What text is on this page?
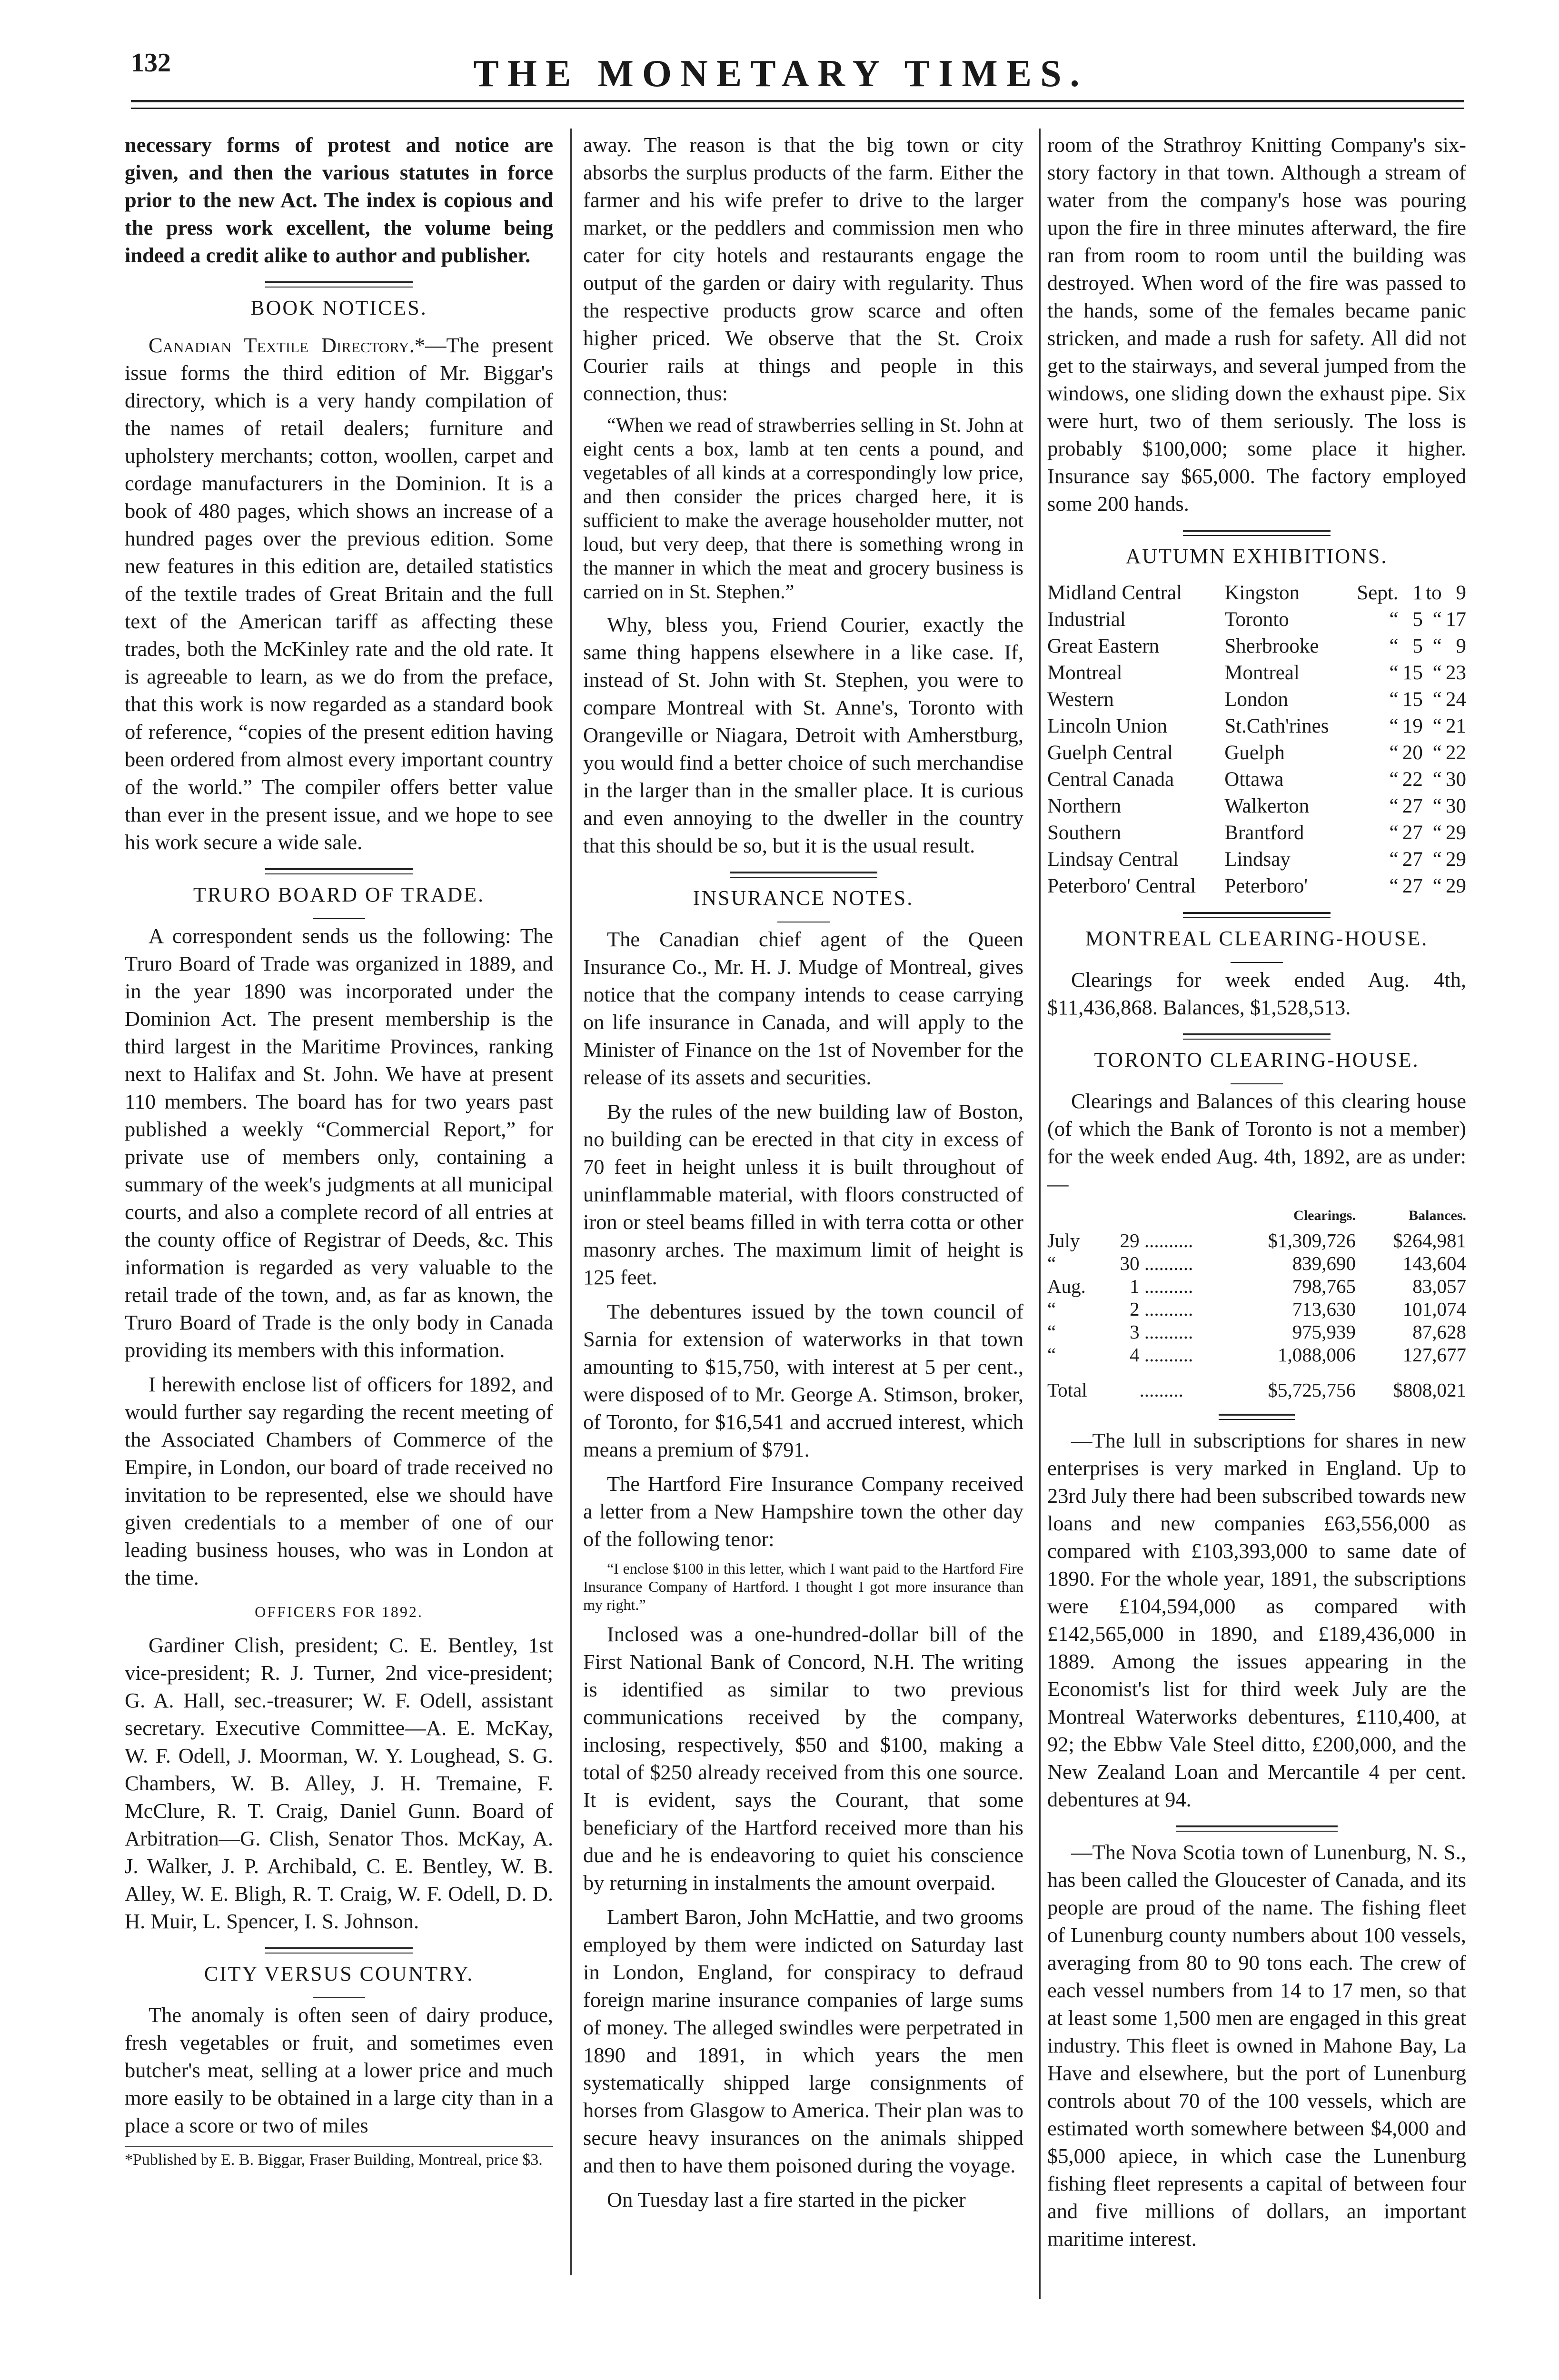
132	THE MONETARY TIMES.

necessary forms of protest and notice are given, and then the various statutes in force prior to the new Act. The index is copious and the press work excellent, the volume being indeed a credit alike to author and publisher.

BOOK NOTICES.

Canadian Textile Directory.*—The present issue forms the third edition of Mr. Biggar's directory, which is a very handy compilation of the names of retail dealers; furniture and upholstery merchants; cotton, woollen, carpet and cordage manufacturers in the Dominion. It is a book of 480 pages, which shows an increase of a hundred pages over the previous edition. Some new features in this edition are, detailed statistics of the textile trades of Great Britain and the full text of the American tariff as affecting these trades, both the McKinley rate and the old rate. It is agreeable to learn, as we do from the preface, that this work is now regarded as a standard book of reference, “copies of the present edition having been ordered from almost every important country of the world.” The compiler offers better value than ever in the present issue, and we hope to see his work secure a wide sale.

TRURO BOARD OF TRADE.

A correspondent sends us the following: The Truro Board of Trade was organized in 1889, and in the year 1890 was incorporated under the Dominion Act. The present membership is the third largest in the Maritime Provinces, ranking next to Halifax and St. John. We have at present 110 members. The board has for two years past published a weekly “Commercial Report,” for private use of members only, containing a summary of the week's judgments at all municipal courts, and also a complete record of all entries at the county office of Registrar of Deeds, &c. This information is regarded as very valuable to the retail trade of the town, and, as far as known, the Truro Board of Trade is the only body in Canada providing its members with this information.

I herewith enclose list of officers for 1892, and would further say regarding the recent meeting of the Associated Chambers of Commerce of the Empire, in London, our board of trade received no invitation to be represented, else we should have given credentials to a member of one of our leading business houses, who was in London at the time.

OFFICERS FOR 1892.

Gardiner Clish, president; C. E. Bentley, 1st vice-president; R. J. Turner, 2nd vice-president; G. A. Hall, sec.-treasurer; W. F. Odell, assistant secretary. Executive Committee—A. E. McKay, W. F. Odell, J. Moorman, W. Y. Loughead, S. G. Chambers, W. B. Alley, J. H. Tremaine, F. McClure, R. T. Craig, Daniel Gunn. Board of Arbitration—G. Clish, Senator Thos. McKay, A. J. Walker, J. P. Archibald, C. E. Bentley, W. B. Alley, W. E. Bligh, R. T. Craig, W. F. Odell, D. D. H. Muir, L. Spencer, I. S. Johnson.

CITY VERSUS COUNTRY.

The anomaly is often seen of dairy produce, fresh vegetables or fruit, and sometimes even butcher's meat, selling at a lower price and much more easily to be obtained in a large city than in a place a score or two of miles

*Published by E. B. Biggar, Fraser Building, Montreal, price $3.

away. The reason is that the big town or city absorbs the surplus products of the farm. Either the farmer and his wife prefer to drive to the larger market, or the peddlers and commission men who cater for city hotels and restaurants engage the output of the garden or dairy with regularity. Thus the respective products grow scarce and often higher priced. We observe that the St. Croix Courier rails at things and people in this connection, thus:

“When we read of strawberries selling in St. John at eight cents a box, lamb at ten cents a pound, and vegetables of all kinds at a correspondingly low price, and then consider the prices charged here, it is sufficient to make the average householder mutter, not loud, but very deep, that there is something wrong in the manner in which the meat and grocery business is carried on in St. Stephen.”

Why, bless you, Friend Courier, exactly the same thing happens elsewhere in a like case. If, instead of St. John with St. Stephen, you were to compare Montreal with St. Anne's, Toronto with Orangeville or Niagara, Detroit with Amherstburg, you would find a better choice of such merchandise in the larger than in the smaller place. It is curious and even annoying to the dweller in the country that this should be so, but it is the usual result.

INSURANCE NOTES.

The Canadian chief agent of the Queen Insurance Co., Mr. H. J. Mudge of Montreal, gives notice that the company intends to cease carrying on life insurance in Canada, and will apply to the Minister of Finance on the 1st of November for the release of its assets and securities.

By the rules of the new building law of Boston, no building can be erected in that city in excess of 70 feet in height unless it is built throughout of uninflammable material, with floors constructed of iron or steel beams filled in with terra cotta or other masonry arches. The maximum limit of height is 125 feet.

The debentures issued by the town council of Sarnia for extension of waterworks in that town amounting to $15,750, with interest at 5 per cent., were disposed of to Mr. George A. Stimson, broker, of Toronto, for $16,541 and accrued interest, which means a premium of $791.

The Hartford Fire Insurance Company received a letter from a New Hampshire town the other day of the following tenor:

“I enclose $100 in this letter, which I want paid to the Hartford Fire Insurance Company of Hartford. I thought I got more insurance than my right.”

Inclosed was a one-hundred-dollar bill of the First National Bank of Concord, N.H. The writing is identified as similar to two previous communications received by the company, inclosing, respectively, $50 and $100, making a total of $250 already received from this one source. It is evident, says the Courant, that some beneficiary of the Hartford received more than his due and he is endeavoring to quiet his conscience by returning in instalments the amount overpaid.

Lambert Baron, John McHattie, and two grooms employed by them were indicted on Saturday last in London, England, for conspiracy to defraud foreign marine insurance companies of large sums of money. The alleged swindles were perpetrated in 1890 and 1891, in which years the men systematically shipped large consignments of horses from Glasgow to America. Their plan was to secure heavy insurances on the animals shipped and then to have them poisoned during the voyage.

On Tuesday last a fire started in the picker

room of the Strathroy Knitting Company's six-story factory in that town. Although a stream of water from the company's hose was pouring upon the fire in three minutes afterward, the fire ran from room to room until the building was destroyed. When word of the fire was passed to the hands, some of the females became panic stricken, and made a rush for safety. All did not get to the stairways, and several jumped from the windows, one sliding down the exhaust pipe. Six were hurt, two of them seriously. The loss is probably $100,000; some place it higher. Insurance say $65,000. The factory employed some 200 hands.

AUTUMN EXHIBITIONS.
Midland Central	Kingston	Sept.	1	to	9
Industrial	Toronto	“	5	“	17
Great Eastern	Sherbrooke	“	5	“	9
Montreal	Montreal	“	15	“	23
Western	London	“	15	“	24
Lincoln Union	St.Cath'rines	“	19	“	21
Guelph Central	Guelph	“	20	“	22
Central Canada	Ottawa	“	22	“	30
Northern	Walkerton	“	27	“	30
Southern	Brantford	“	27	“	29
Lindsay Central	Lindsay	“	27	“	29
Peterboro' Central	Peterboro'	“	27	“	29
MONTREAL CLEARING-HOUSE.

Clearings for week ended Aug. 4th, $11,436,868. Balances, $1,528,513.

TORONTO CLEARING-HOUSE.

Clearings and Balances of this clearing house (of which the Bank of Toronto is not a member) for the week ended Aug. 4th, 1892, are as under:—

			Clearings.	Balances.
July	29	..........	$1,309,726	$264,981
“	30	..........	839,690	143,604
Aug.	1	..........	798,765	83,057
“	2	..........	713,630	101,074
“	3	..........	975,939	87,628
“	4	..........	1,088,006	127,677
Total		.........	$5,725,756	$808,021

—The lull in subscriptions for shares in new enterprises is very marked in England. Up to 23rd July there had been subscribed towards new loans and new companies £63,556,000 as compared with £103,393,000 to same date of 1890. For the whole year, 1891, the subscriptions were £104,594,000 as compared with £142,565,000 in 1890, and £189,436,000 in 1889. Among the issues appearing in the Economist's list for third week July are the Montreal Waterworks debentures, £110,400, at 92; the Ebbw Vale Steel ditto, £200,000, and the New Zealand Loan and Mercantile 4 per cent. debentures at 94.

—The Nova Scotia town of Lunenburg, N. S., has been called the Gloucester of Canada, and its people are proud of the name. The fishing fleet of Lunenburg county numbers about 100 vessels, averaging from 80 to 90 tons each. The crew of each vessel numbers from 14 to 17 men, so that at least some 1,500 men are engaged in this great industry. This fleet is owned in Mahone Bay, La Have and elsewhere, but the port of Lunenburg controls about 70 of the 100 vessels, which are estimated worth somewhere between $4,000 and $5,000 apiece, in which case the Lunenburg fishing fleet represents a capital of between four and five millions of dollars, an important maritime interest.
